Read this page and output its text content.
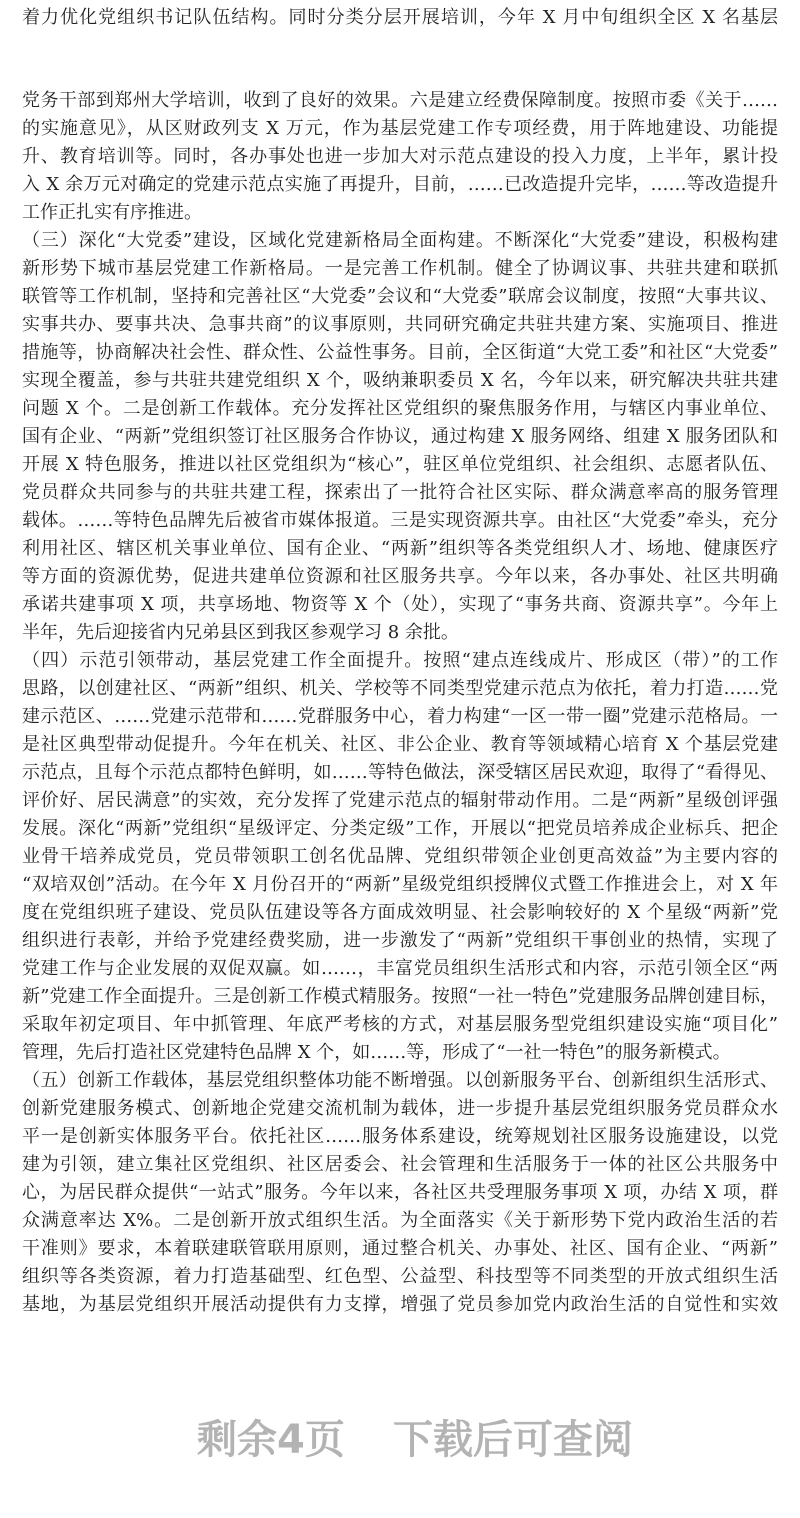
着力优化党组织书记队伍结构。同时分类分层开展培训，今年 X 月中旬组织全区 X 名基层
党务干部到郑州大学培训，收到了良好的效果。六是建立经费保障制度。按照市委《关于……
的实施意见》，从区财政列支 X 万元，作为基层党建工作专项经费，用于阵地建设、功能提
升、教育培训等。同时，各办事处也进一步加大对示范点建设的投入力度，上半年，累计投
入 X 余万元对确定的党建示范点实施了再提升，目前，……已改造提升完毕，……等改造提升
工作正扎实有序推进。
（三）深化“大党委”建设，区域化党建新格局全面构建。不断深化“大党委”建设，积极构建
新形势下城市基层党建工作新格局。一是完善工作机制。健全了协调议事、共驻共建和联抓
联管等工作机制，坚持和完善社区“大党委”会议和“大党委”联席会议制度，按照“大事共议、
实事共办、要事共决、急事共商”的议事原则，共同研究确定共驻共建方案、实施项目、推进
措施等，协商解决社会性、群众性、公益性事务。目前，全区街道“大党工委”和社区“大党委”
实现全覆盖，参与共驻共建党组织 X 个，吸纳兼职委员 X 名，今年以来，研究解决共驻共建
问题 X 个。二是创新工作载体。充分发挥社区党组织的聚焦服务作用，与辖区内事业单位、
国有企业、“两新”党组织签订社区服务合作协议，通过构建 X 服务网络、组建 X 服务团队和
开展 X 特色服务，推进以社区党组织为“核心”，驻区单位党组织、社会组织、志愿者队伍、
党员群众共同参与的共驻共建工程，探索出了一批符合社区实际、群众满意率高的服务管理
载体。……等特色品牌先后被省市媒体报道。三是实现资源共享。由社区“大党委”牵头，充分
利用社区、辖区机关事业单位、国有企业、“两新”组织等各类党组织人才、场地、健康医疗
等方面的资源优势，促进共建单位资源和社区服务共享。今年以来，各办事处、社区共明确
承诺共建事项 X 项，共享场地、物资等 X 个（处），实现了“事务共商、资源共享”。今年上
半年，先后迎接省内兄弟县区到我区参观学习 8 余批。
（四）示范引领带动，基层党建工作全面提升。按照“建点连线成片、形成区（带）”的工作
思路，以创建社区、“两新”组织、机关、学校等不同类型党建示范点为依托，着力打造……党
建示范区、……党建示范带和……党群服务中心，着力构建“一区一带一圈”党建示范格局。一
是社区典型带动促提升。今年在机关、社区、非公企业、教育等领域精心培育 X 个基层党建
示范点，且每个示范点都特色鲜明，如……等特色做法，深受辖区居民欢迎，取得了“看得见、
评价好、居民满意”的实效，充分发挥了党建示范点的辐射带动作用。二是“两新”星级创评强
发展。深化“两新”党组织“星级评定、分类定级”工作，开展以“把党员培养成企业标兵、把企
业骨干培养成党员，党员带领职工创名优品牌、党组织带领企业创更高效益”为主要内容的
“双培双创”活动。在今年 X 月份召开的“两新”星级党组织授牌仪式暨工作推进会上，对 X 年
度在党组织班子建设、党员队伍建设等各方面成效明显、社会影响较好的 X 个星级“两新”党
组织进行表彰，并给予党建经费奖励，进一步激发了“两新”党组织干事创业的热情，实现了
党建工作与企业发展的双促双赢。如……，丰富党员组织生活形式和内容，示范引领全区“两
新”党建工作全面提升。三是创新工作模式精服务。按照“一社一特色”党建服务品牌创建目标，
采取年初定项目、年中抓管理、年底严考核的方式，对基层服务型党组织建设实施“项目化”
管理，先后打造社区党建特色品牌 X 个，如……等，形成了“一社一特色”的服务新模式。
（五）创新工作载体，基层党组织整体功能不断增强。以创新服务平台、创新组织生活形式、
创新党建服务模式、创新地企党建交流机制为载体，进一步提升基层党组织服务党员群众水
平一是创新实体服务平台。依托社区……服务体系建设，统筹规划社区服务设施建设，以党
建为引领，建立集社区党组织、社区居委会、社会管理和生活服务于一体的社区公共服务中
心，为居民群众提供“一站式”服务。今年以来，各社区共受理服务事项 X 项，办结 X 项，群
众满意率达 X%。二是创新开放式组织生活。为全面落实《关于新形势下党内政治生活的若
干准则》要求，本着联建联管联用原则，通过整合机关、办事处、社区、国有企业、“两新”
组织等各类资源，着力打造基础型、红色型、公益型、科技型等不同类型的开放式组织生活
基地，为基层党组织开展活动提供有力支撑，增强了党员参加党内政治生活的自觉性和实效
剩余4页 下载后可查阅
